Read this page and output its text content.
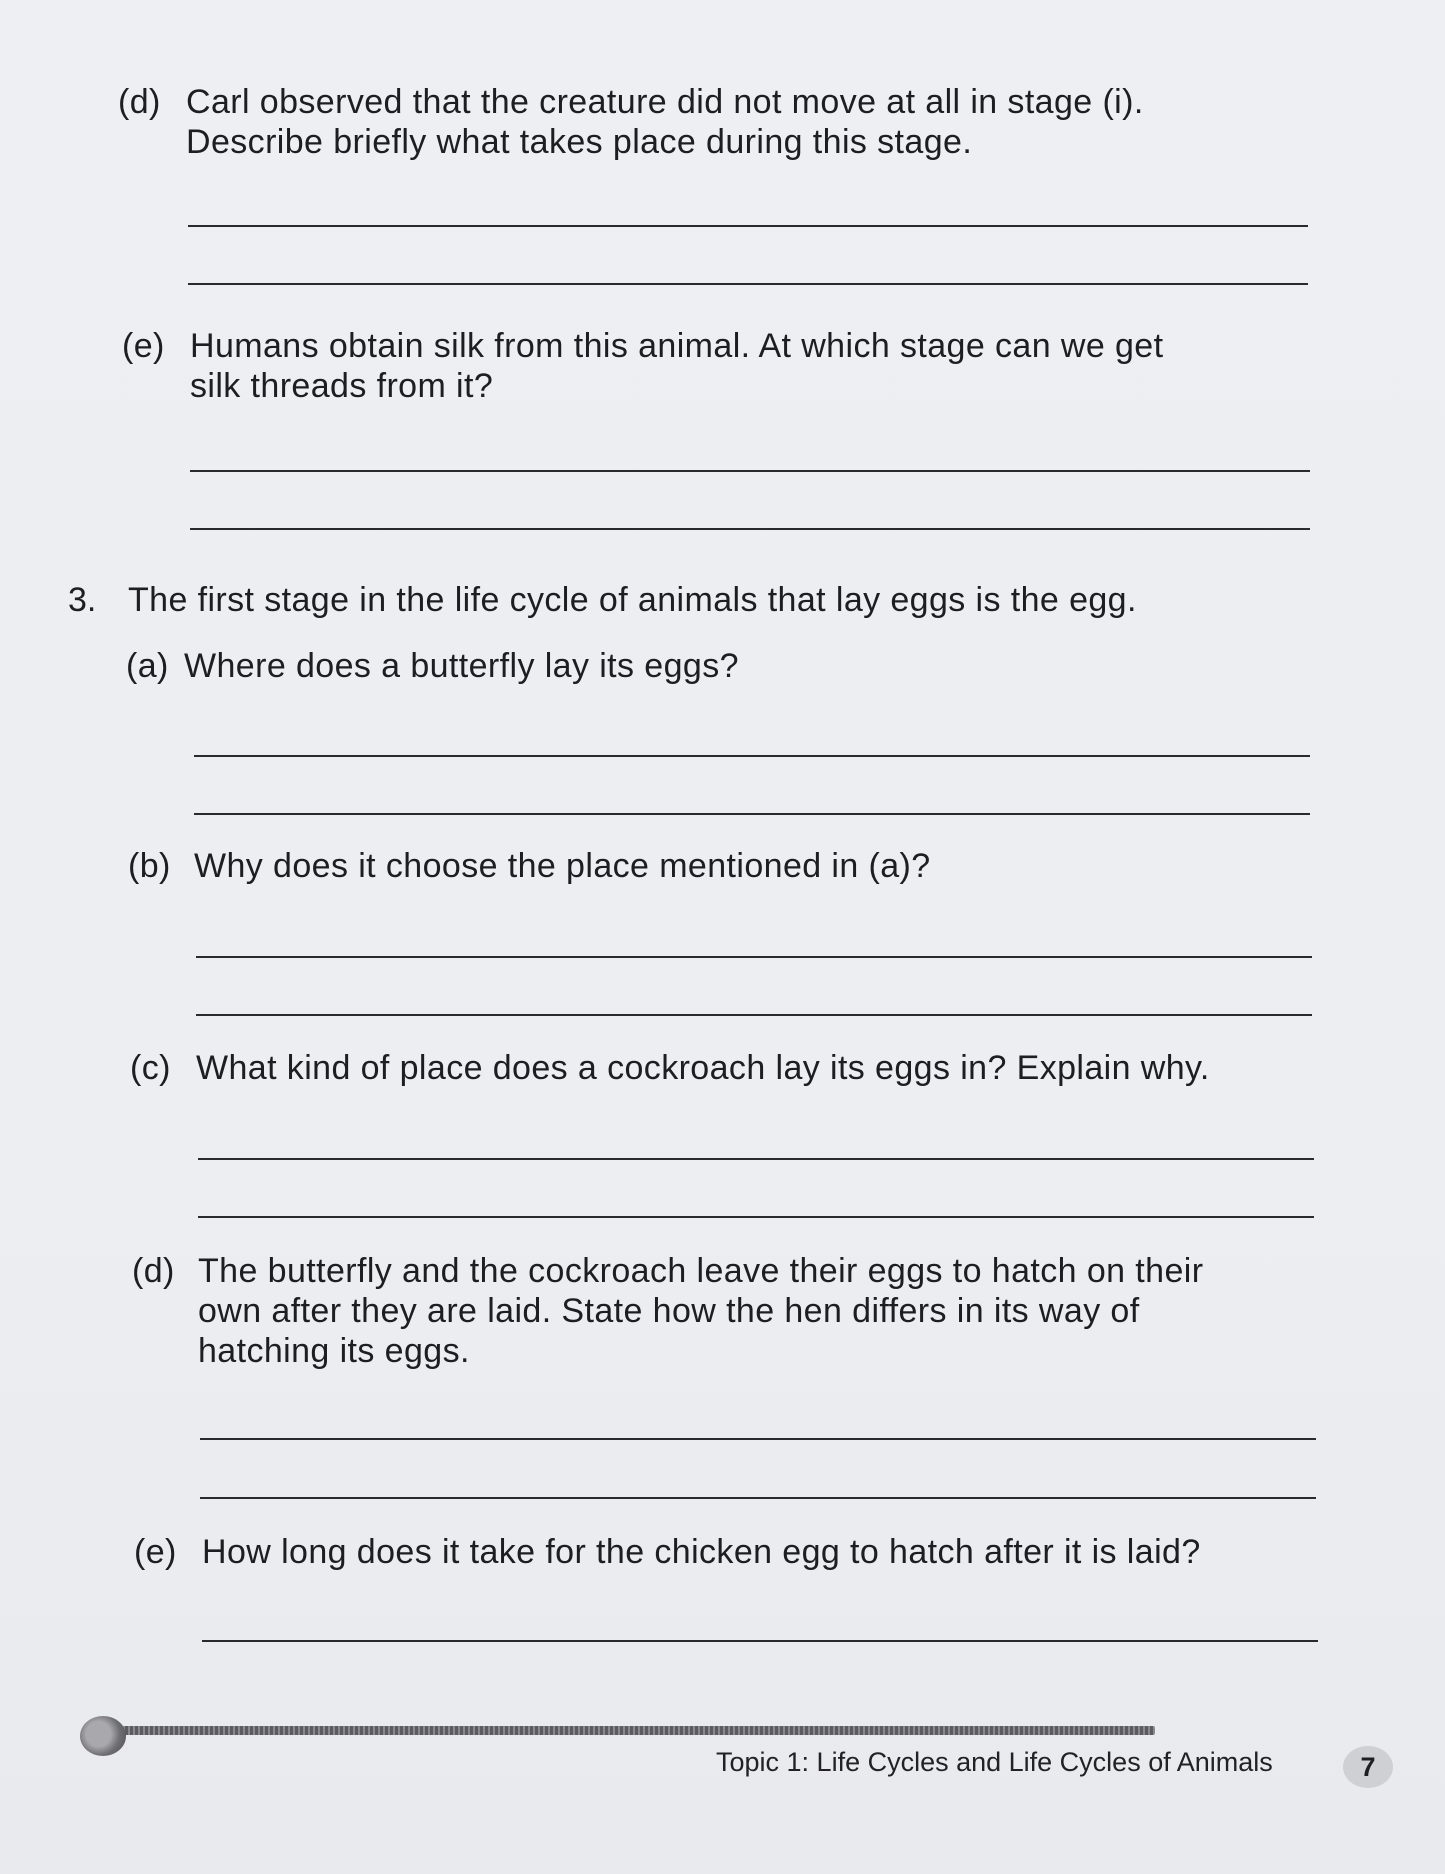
(d) Carl observed that the creature did not move at all in stage (i).
Describe briefly what takes place during this stage.
(e) Humans obtain silk from this animal. At which stage can we get
silk threads from it?
3. The first stage in the life cycle of animals that lay eggs is the egg.
(a) Where does a butterfly lay its eggs?
(b) Why does it choose the place mentioned in (a)?
(c) What kind of place does a cockroach lay its eggs in? Explain why.
(d) The butterfly and the cockroach leave their eggs to hatch on their
own after they are laid. State how the hen differs in its way of
hatching its eggs.
(e) How long does it take for the chicken egg to hatch after it is laid?
Topic 1: Life Cycles and Life Cycles of Animals	7
